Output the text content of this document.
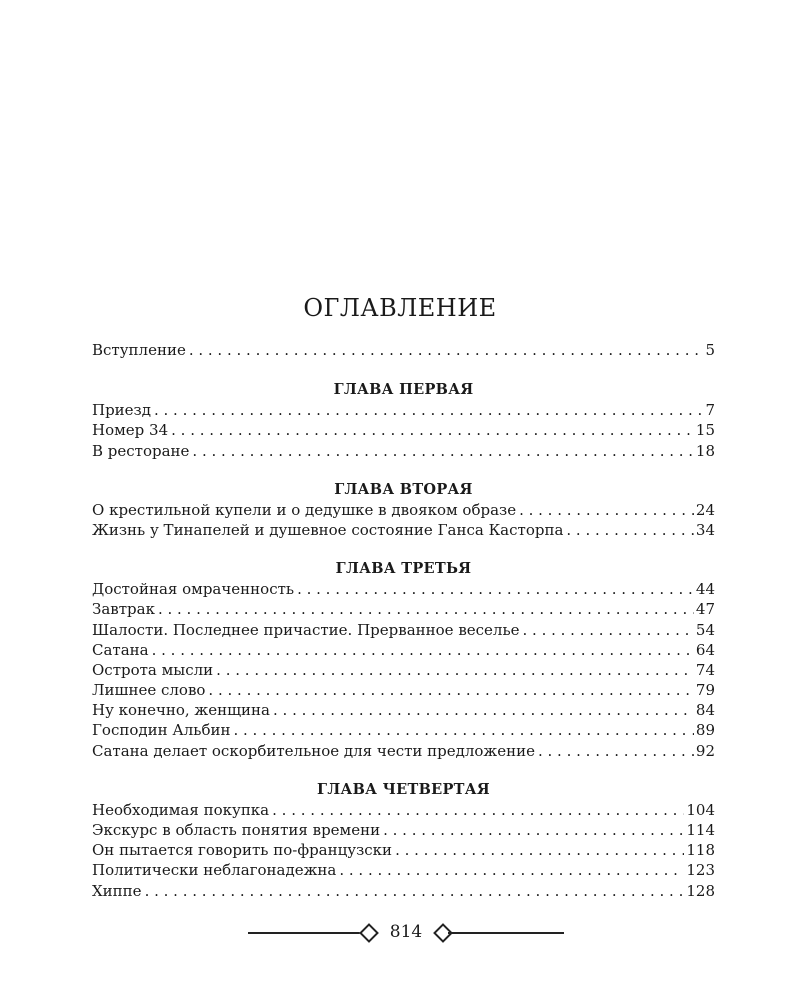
ОГЛАВЛЕНИЕ
Вступление . . .	5
ГЛАВА ПЕРВАЯ
Приезд . . .	7
Номер 34 . . .	15
В ресторане . . .	18
ГЛАВА ВТОРАЯ
О крестильной купели и о дедушке в двояком образе . . .	24
Жизнь у Тинапелей и душевное состояние Ганса Касторпа . . .	34
ГЛАВА ТРЕТЬЯ
Достойная омраченность . . .	44
Завтрак . . .	47
Шалости. Последнее причастие. Прерванное веселье . . .	54
Сатана . . .	64
Острота мысли . . .	74
Лишнее слово . . .	79
Ну конечно, женщина . . .	84
Господин Альбин . . .	89
Сатана делает оскорбительное для чести предложение . . .	92
ГЛАВА ЧЕТВЕРТАЯ
Необходимая покупка . . .	104
Экскурс в область понятия времени . . .	114
Он пытается говорить по-французски . . .	118
Политически неблагонадежна . . .	123
Хиппе . . .	128
814
